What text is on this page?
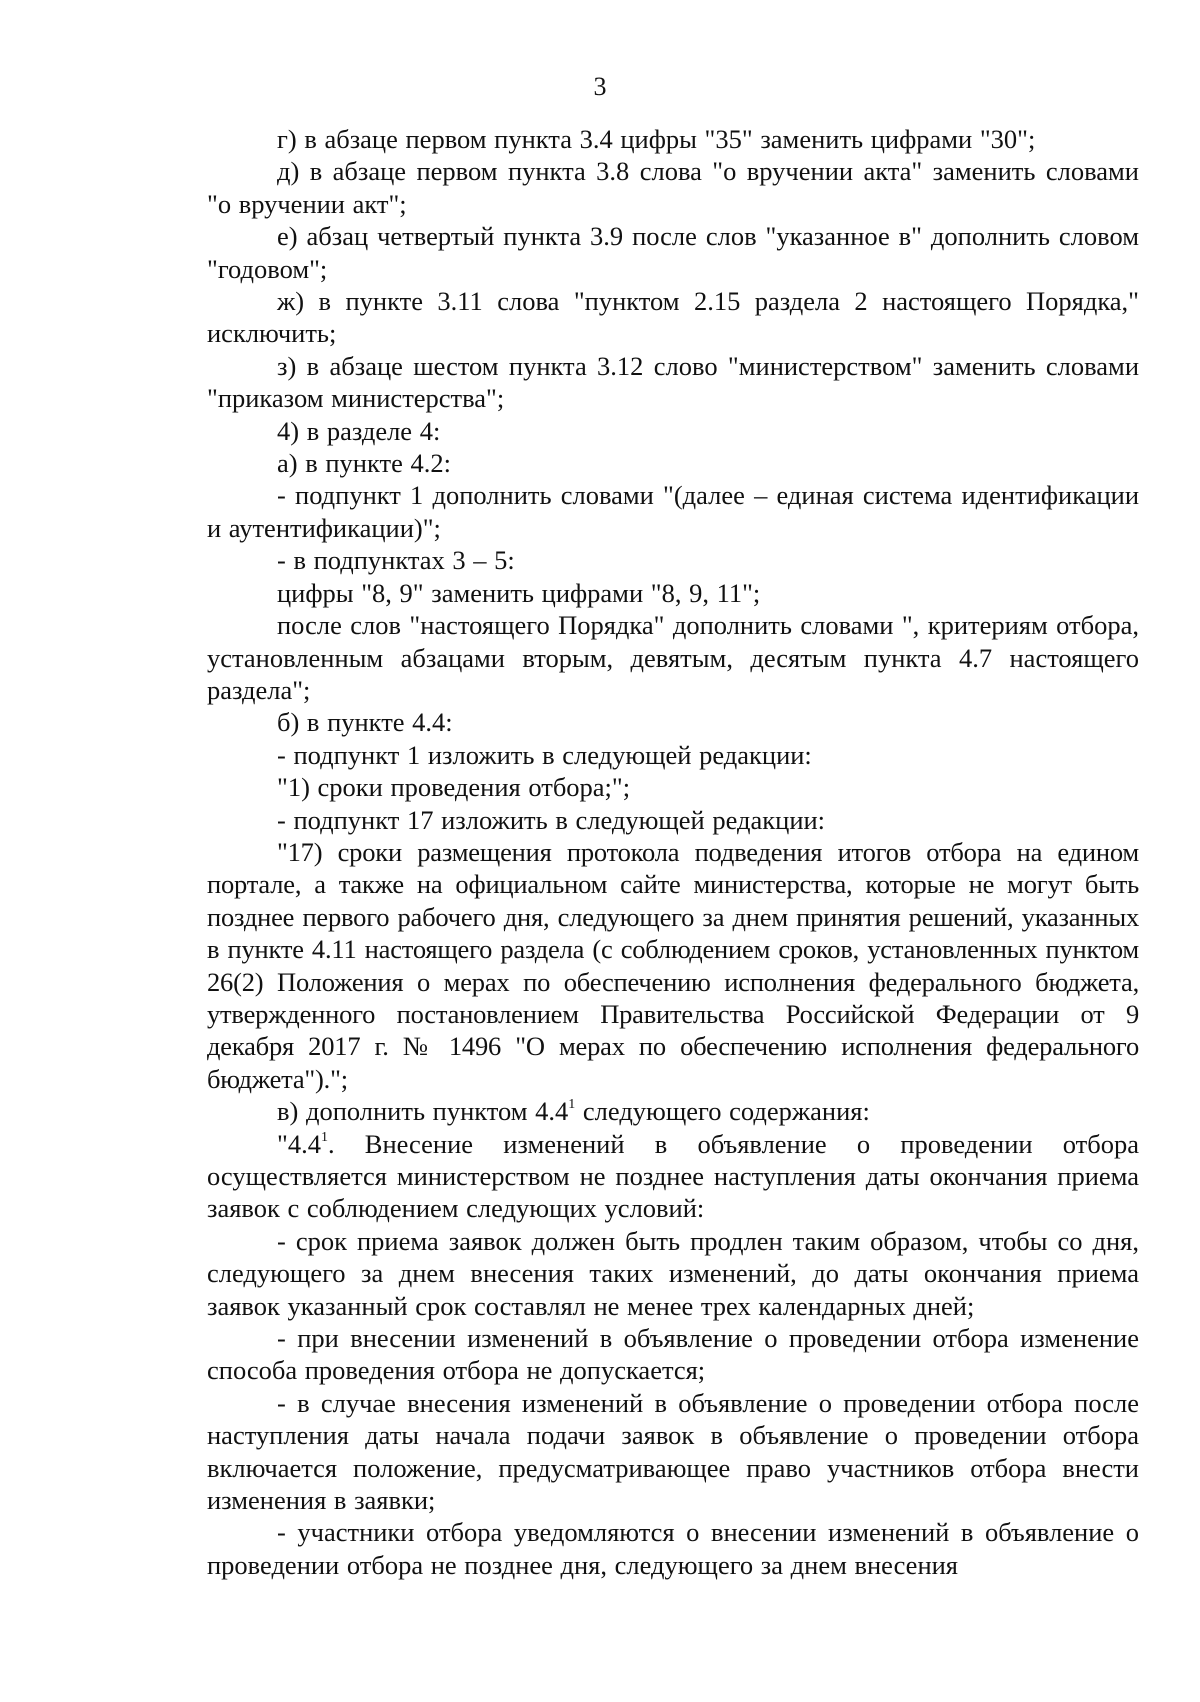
3

г) в абзаце первом пункта 3.4 цифры "35" заменить цифрами "30";

д) в абзаце первом пункта 3.8 слова "о вручении акта" заменить словами "о вручении акт";

е) абзац четвертый пункта 3.9 после слов "указанное в" дополнить словом "годовом";

ж) в пункте 3.11 слова "пунктом 2.15 раздела 2 настоящего Порядка," исключить;

з) в абзаце шестом пункта 3.12 слово "министерством" заменить словами "приказом министерства";

4) в разделе 4:

а) в пункте 4.2:

- подпункт 1 дополнить словами "(далее – единая система идентификации и аутентификации)";

- в подпунктах 3 – 5:

цифры "8, 9" заменить цифрами "8, 9, 11";

после слов "настоящего Порядка" дополнить словами ", критериям отбора, установленным абзацами вторым, девятым, десятым пункта 4.7 настоящего раздела";

б) в пункте 4.4:

- подпункт 1 изложить в следующей редакции:

"1) сроки проведения отбора;";

- подпункт 17 изложить в следующей редакции:

"17) сроки размещения протокола подведения итогов отбора на едином портале, а также на официальном сайте министерства, которые не могут быть позднее первого рабочего дня, следующего за днем принятия решений, указанных в пункте 4.11 настоящего раздела (с соблюдением сроков, установленных пунктом 26(2) Положения о мерах по обеспечению исполнения федерального бюджета, утвержденного постановлением Правительства Российской Федерации от 9 декабря 2017 г. № 1496 "О мерах по обеспечению исполнения федерального бюджета").";

в) дополнить пунктом $4.4^1$ следующего содержания:

"$4.4^1$. Внесение изменений в объявление о проведении отбора осуществляется министерством не позднее наступления даты окончания приема заявок с соблюдением следующих условий:

- срок приема заявок должен быть продлен таким образом, чтобы со дня, следующего за днем внесения таких изменений, до даты окончания приема заявок указанный срок составлял не менее трех календарных дней;

- при внесении изменений в объявление о проведении отбора изменение способа проведения отбора не допускается;

- в случае внесения изменений в объявление о проведении отбора после наступления даты начала подачи заявок в объявление о проведении отбора включается положение, предусматривающее право участников отбора внести изменения в заявки;

- участники отбора уведомляются о внесении изменений в объявление о проведении отбора не позднее дня, следующего за днем внесения
